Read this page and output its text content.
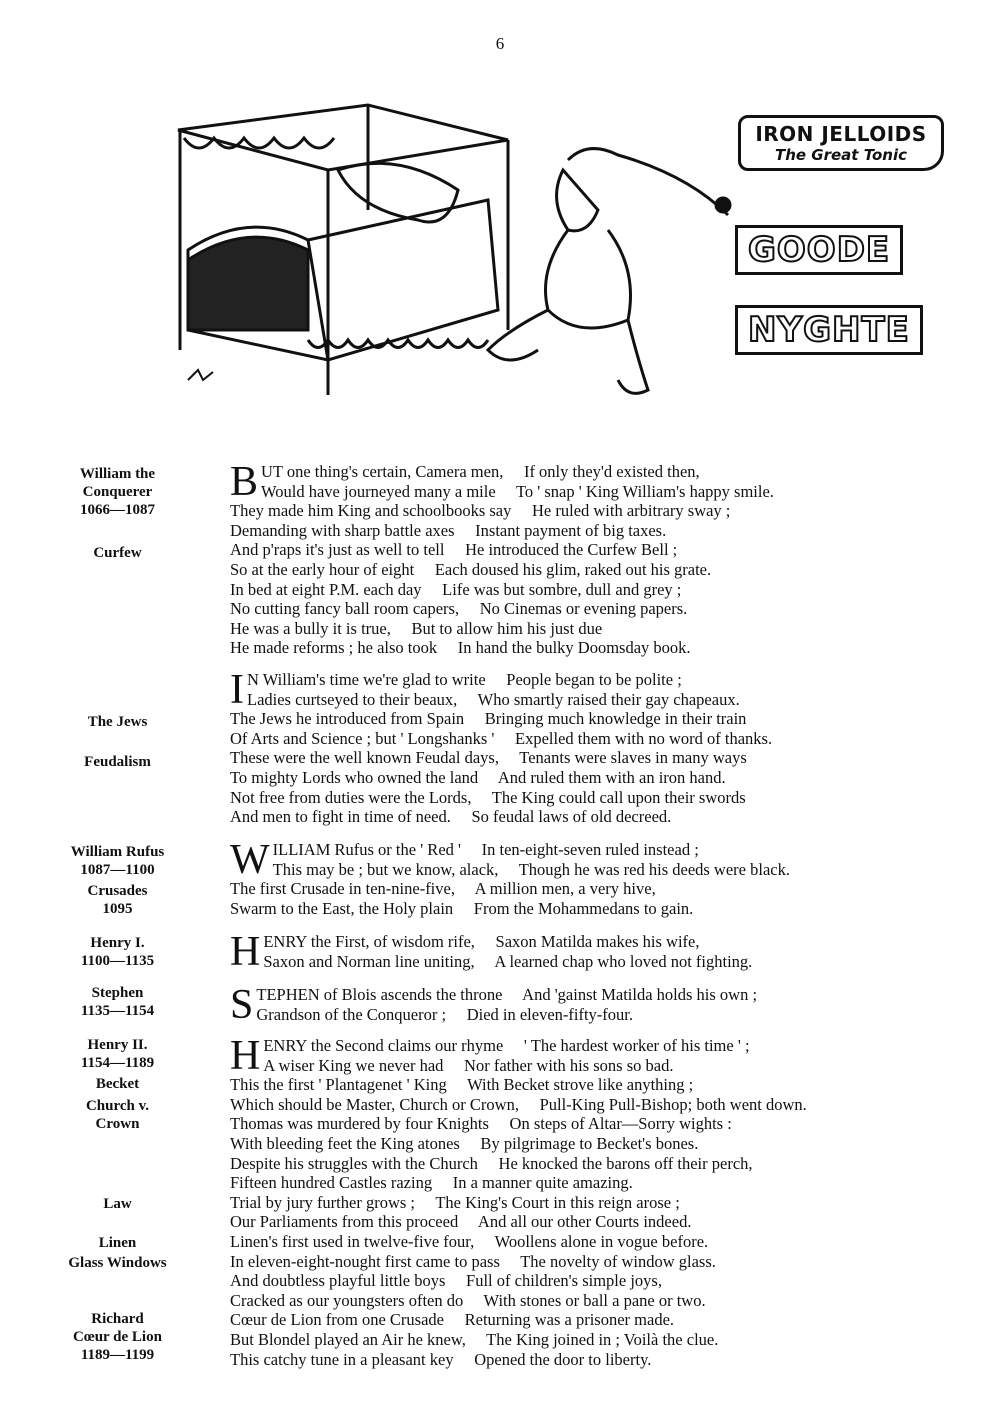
6
IRON JELLOIDS
The Great Tonic
GOODE
NYGHTE
William the
Conquerer
1066—1087
Curfew
The Jews
Feudalism
William Rufus
1087—1100
Crusades
1095
Henry I.
1100—1135
Stephen
1135—1154
Henry II.
1154—1189
Becket
Church v.
Crown
Law
Linen
Glass Windows
Richard
Cœur de Lion
1189—1199
B UT one thing's certain, Camera men,     If only they'd existed then,
Would have journeyed many a mile     To ' snap ' King William's happy smile.
They made him King and schoolbooks say     He ruled with arbitrary sway ;
Demanding with sharp battle axes     Instant payment of big taxes.
And p'raps it's just as well to tell     He introduced the Curfew Bell ;
So at the early hour of eight     Each doused his glim, raked out his grate.
In bed at eight P.M. each day     Life was but sombre, dull and grey ;
No cutting fancy ball room capers,     No Cinemas or evening papers.
He was a bully it is true,     But to allow him his just due
He made reforms ; he also took     In hand the bulky Doomsday book.
I N William's time we're glad to write     People began to be polite ;
Ladies curtseyed to their beaux,     Who smartly raised their gay chapeaux.
The Jews he introduced from Spain     Bringing much knowledge in their train
Of Arts and Science ; but ' Longshanks '     Expelled them with no word of thanks.
These were the well known Feudal days,     Tenants were slaves in many ways
To mighty Lords who owned the land     And ruled them with an iron hand.
Not free from duties were the Lords,     The King could call upon their swords
And men to fight in time of need.     So feudal laws of old decreed.
W ILLIAM Rufus or the ' Red '     In ten-eight-seven ruled instead ;
This may be ; but we know, alack,     Though he was red his deeds were black.
The first Crusade in ten-nine-five,     A million men, a very hive,
Swarm to the East, the Holy plain     From the Mohammedans to gain.
H ENRY the First, of wisdom rife,     Saxon Matilda makes his wife,
Saxon and Norman line uniting,     A learned chap who loved not fighting.
S TEPHEN of Blois ascends the throne     And 'gainst Matilda holds his own ;
Grandson of the Conqueror ;     Died in eleven-fifty-four.
H ENRY the Second claims our rhyme     ' The hardest worker of his time ' ;
A wiser King we never had     Nor father with his sons so bad.
This the first ' Plantagenet ' King     With Becket strove like anything ;
Which should be Master, Church or Crown,     Pull-King Pull-Bishop; both went down.
Thomas was murdered by four Knights     On steps of Altar—Sorry wights :
With bleeding feet the King atones     By pilgrimage to Becket's bones.
Despite his struggles with the Church     He knocked the barons off their perch,
Fifteen hundred Castles razing     In a manner quite amazing.
Trial by jury further grows ;     The King's Court in this reign arose ;
Our Parliaments from this proceed     And all our other Courts indeed.
Linen's first used in twelve-five four,     Woollens alone in vogue before.
In eleven-eight-nought first came to pass     The novelty of window glass.
And doubtless playful little boys     Full of children's simple joys,
Cracked as our youngsters often do     With stones or ball a pane or two.
Cœur de Lion from one Crusade     Returning was a prisoner made.
But Blondel played an Air he knew,     The King joined in ; Voilà the clue.
This catchy tune in a pleasant key     Opened the door to liberty.
